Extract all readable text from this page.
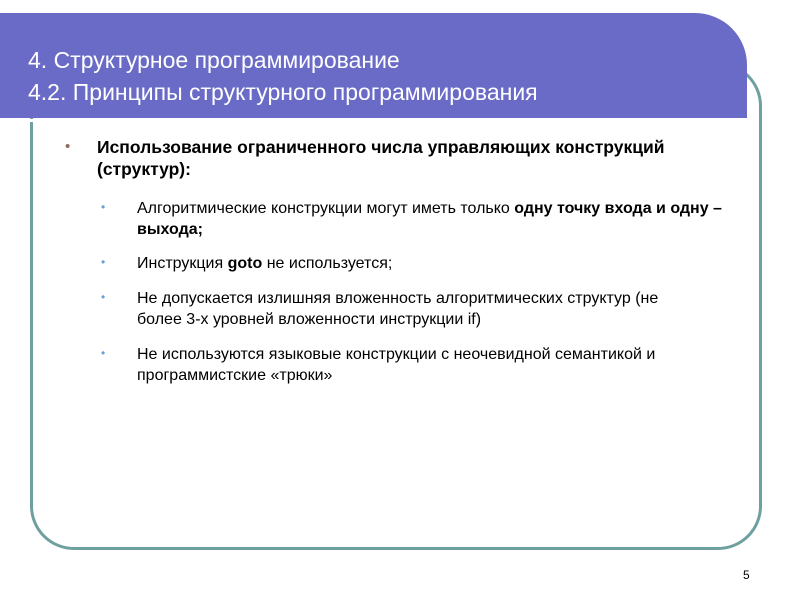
4. Структурное программирование
4.2. Принципы структурного программирования
• Использование ограниченного числа управляющих конструкций (структур):

• Алгоритмические конструкции могут иметь только одну точку входа и одну – выхода;

• Инструкция goto не используется;

• Не допускается излишняя вложенность алгоритмических структур (не более 3-х уровней вложенности инструкции if)

• Не используются языковые конструкции с неочевидной семантикой и программистские «трюки»

5
